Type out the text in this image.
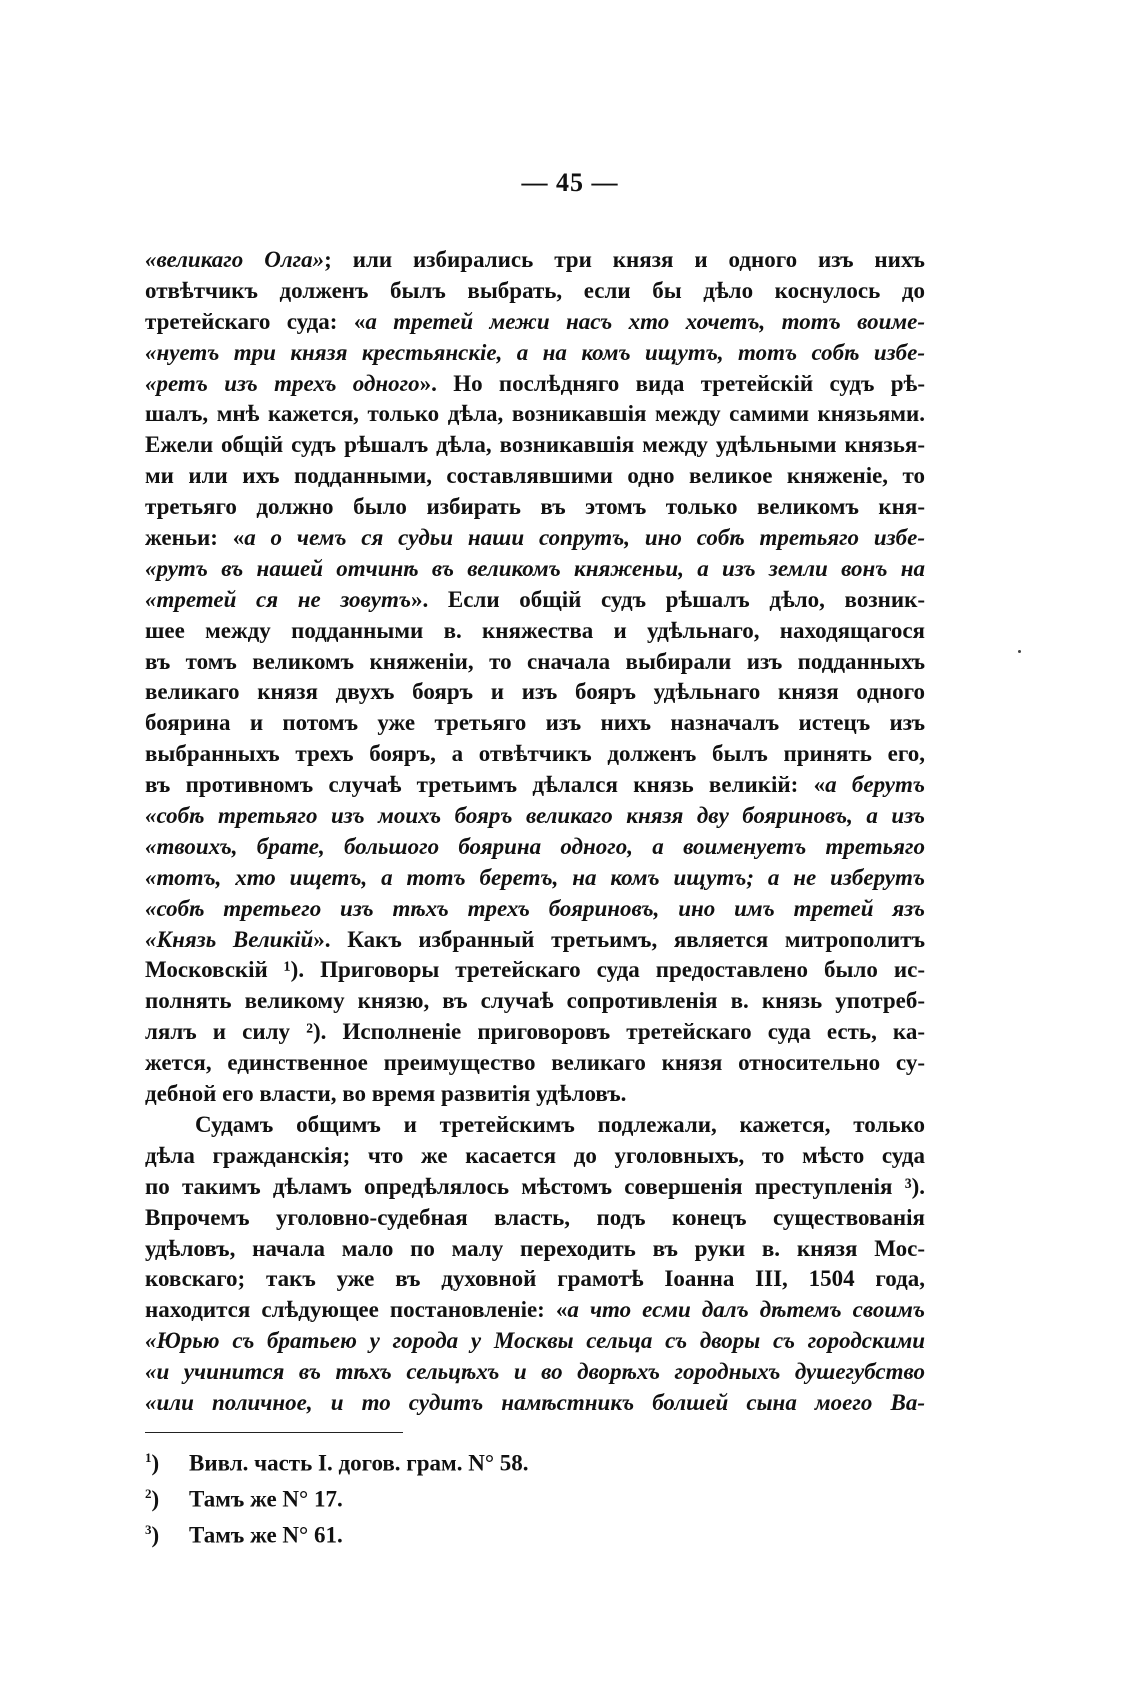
— 45 —
«великаго Олга»; или избирались три князя и одного изъ нихъ
отвѣтчикъ долженъ былъ выбрать, если бы дѣло коснулось до
третейскаго суда: «а третей межи насъ хто хочетъ, тотъ воиме-
«нуетъ три князя крестьянскіе, а на комъ ищутъ, тотъ собѣ избе-
«ретъ изъ трехъ одного». Но послѣдняго вида третейскій судъ рѣ-
шалъ, мнѣ кажется, только дѣла, возникавшія между самими князьями.
Ежели общій судъ рѣшалъ дѣла, возникавшія между удѣльными князья-
ми или ихъ подданными, составлявшими одно великое княженіе, то
третьяго должно было избирать въ этомъ только великомъ кня-
женьи: «а о чемъ ся судьи наши сопрутъ, ино собѣ третьяго избе-
«рутъ въ нашей отчинѣ въ великомъ княженьи, а изъ земли вонъ на
«третей ся не зовутъ». Если общій судъ рѣшалъ дѣло, возник-
шее между подданными в. княжества и удѣльнаго, находящагося
въ томъ великомъ княженіи, то сначала выбирали изъ подданныхъ
великаго князя двухъ бояръ и изъ бояръ удѣльнаго князя одного
боярина и потомъ уже третьяго изъ нихъ назначалъ истецъ изъ
выбранныхъ трехъ бояръ, а отвѣтчикъ долженъ былъ принять его,
въ противномъ случаѣ третьимъ дѣлался князь великій: «а берутъ
«собѣ третьяго изъ моихъ бояръ великаго князя дву бояриновъ, а изъ
«твоихъ, брате, большого боярина одного, а воименуетъ третьяго
«тотъ, хто ищетъ, а тотъ беретъ, на комъ ищутъ; а не изберутъ
«собѣ третьего изъ тѣхъ трехъ бояриновъ, ино имъ третей язъ
«Князь Великій». Какъ избранный третьимъ, является митрополитъ
Московскій ¹). Приговоры третейскаго суда предоставлено было ис-
полнять великому князю, въ случаѣ сопротивленія в. князь употреб-
лялъ и силу ²). Исполненіе приговоровъ третейскаго суда есть, ка-
жется, единственное преимущество великаго князя относительно су-
дебной его власти, во время развитія удѣловъ.
Судамъ общимъ и третейскимъ подлежали, кажется, только
дѣла гражданскія; что же касается до уголовныхъ, то мѣсто суда
по такимъ дѣламъ опредѣлялось мѣстомъ совершенія преступленія ³).
Впрочемъ уголовно-судебная власть, подъ конецъ существованія
удѣловъ, начала мало по малу переходить въ руки в. князя Мос-
ковскаго; такъ уже въ духовной грамотѣ Іоанна III, 1504 года,
находится слѣдующее постановленіе: «а что есми далъ дѣтемъ своимъ
«Юрью съ братьею у города у Москвы сельца съ дворы съ городскими
«и учинится въ тѣхъ сельцѣхъ и во дворѣхъ городныхъ душегубство
«или поличное, и то судитъ намѣстникъ болшей сына моего Ва-
$^1$) Вивл. часть I. догов. грам. N° 58.
$^2$) Тамъ же N° 17.
$^3$) Тамъ же N° 61.
